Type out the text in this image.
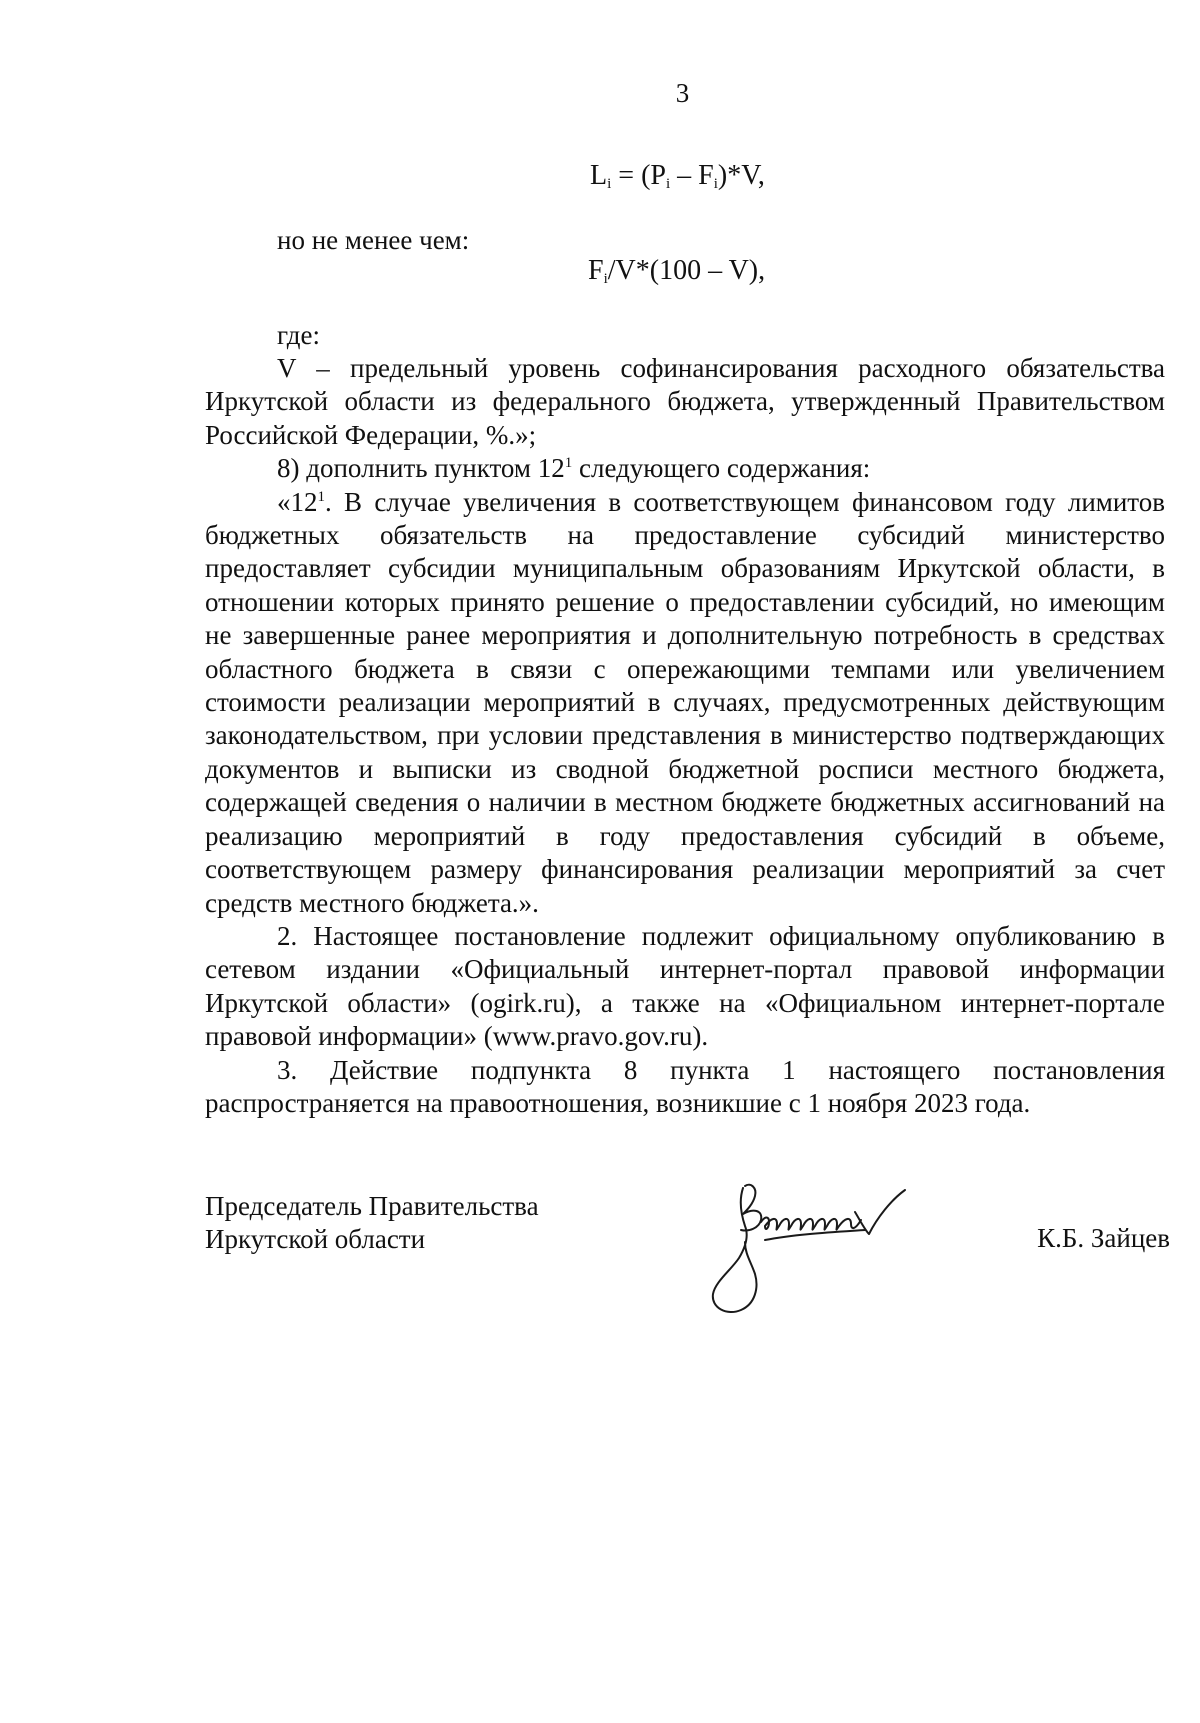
3
$L_i = (P_i - F_i)*V$,
но не менее чем:
$F_i/V*(100 - V)$,
где:

V – предельный уровень софинансирования расходного обязательства Иркутской области из федерального бюджета, утвержденный Правительством Российской Федерации, %.»;

8) дополнить пунктом $12^1$ следующего содержания:

«$12^1$. В случае увеличения в соответствующем финансовом году лимитов бюджетных обязательств на предоставление субсидий министерство предоставляет субсидии муниципальным образованиям Иркутской области, в отношении которых принято решение о предоставлении субсидий, но имеющим не завершенные ранее мероприятия и дополнительную потребность в средствах областного бюджета в связи с опережающими темпами или увеличением стоимости реализации мероприятий в случаях, предусмотренных действующим законодательством, при условии представления в министерство подтверждающих документов и выписки из сводной бюджетной росписи местного бюджета, содержащей сведения о наличии в местном бюджете бюджетных ассигнований на реализацию мероприятий в году предоставления субсидий в объеме, соответствующем размеру финансирования реализации мероприятий за счет средств местного бюджета.».

2. Настоящее постановление подлежит официальному опубликованию в сетевом издании «Официальный интернет-портал правовой информации Иркутской области» (ogirk.ru), а также на «Официальном интернет-портале правовой информации» (www.pravo.gov.ru).

3. Действие подпункта 8 пункта 1 настоящего постановления распространяется на правоотношения, возникшие с 1 ноября 2023 года.

Председатель Правительства
Иркутской области	К.Б. Зайцев
